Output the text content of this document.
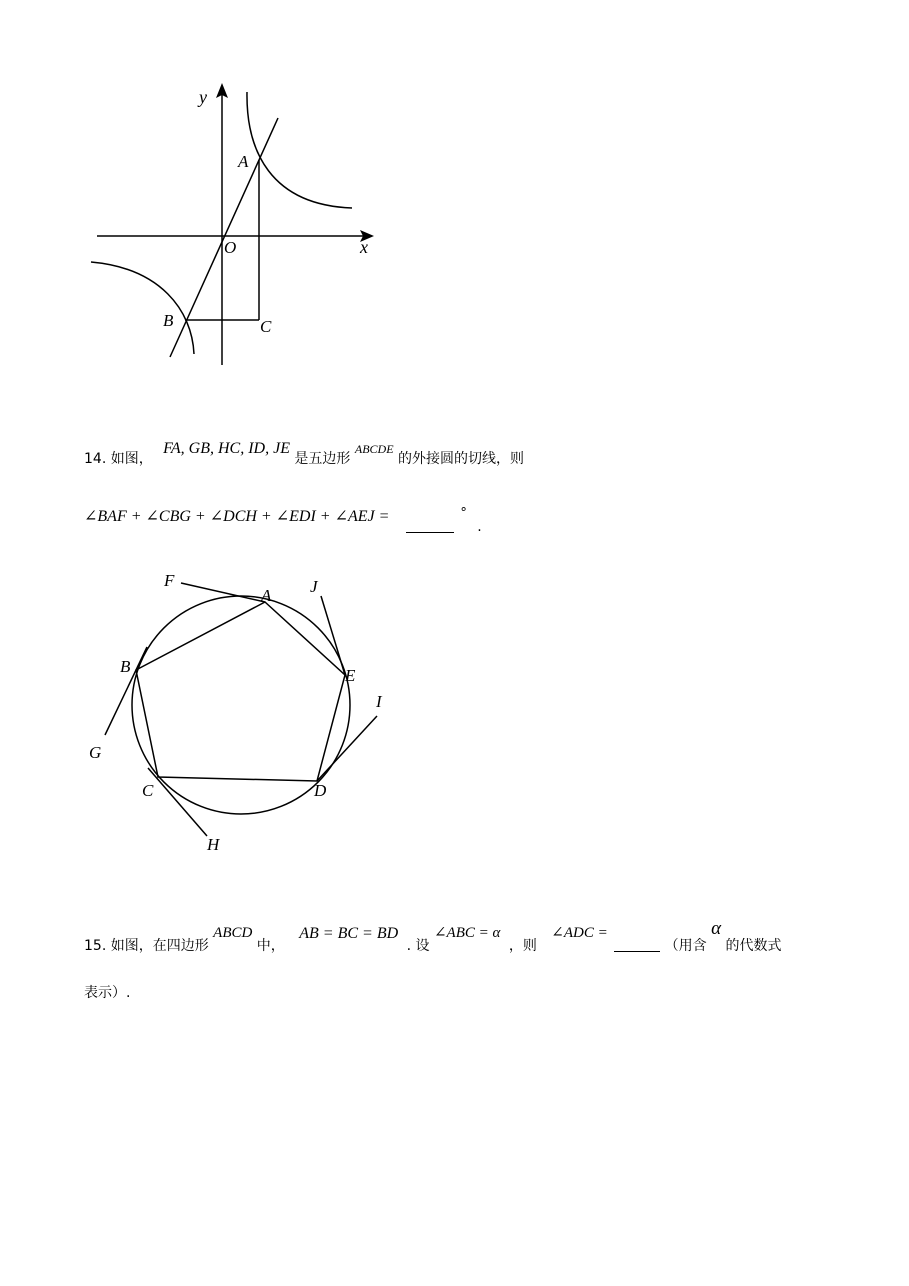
y
x
O
A
B	C
14. 如图， FA, GB, HC, ID, JE 是五边形 ABCDE 的外接圆的切线，则
∠BAF + ∠CBG + ∠DCH + ∠EDI + ∠AEJ =	° .
F
A J
B	E
I
G
C	D
H
15. 如图，在四边形 ABCD 中， AB = BC = BD . 设 ∠ABC = α ，则 ∠ADC =  （用含 α 的代数式
表示）.
